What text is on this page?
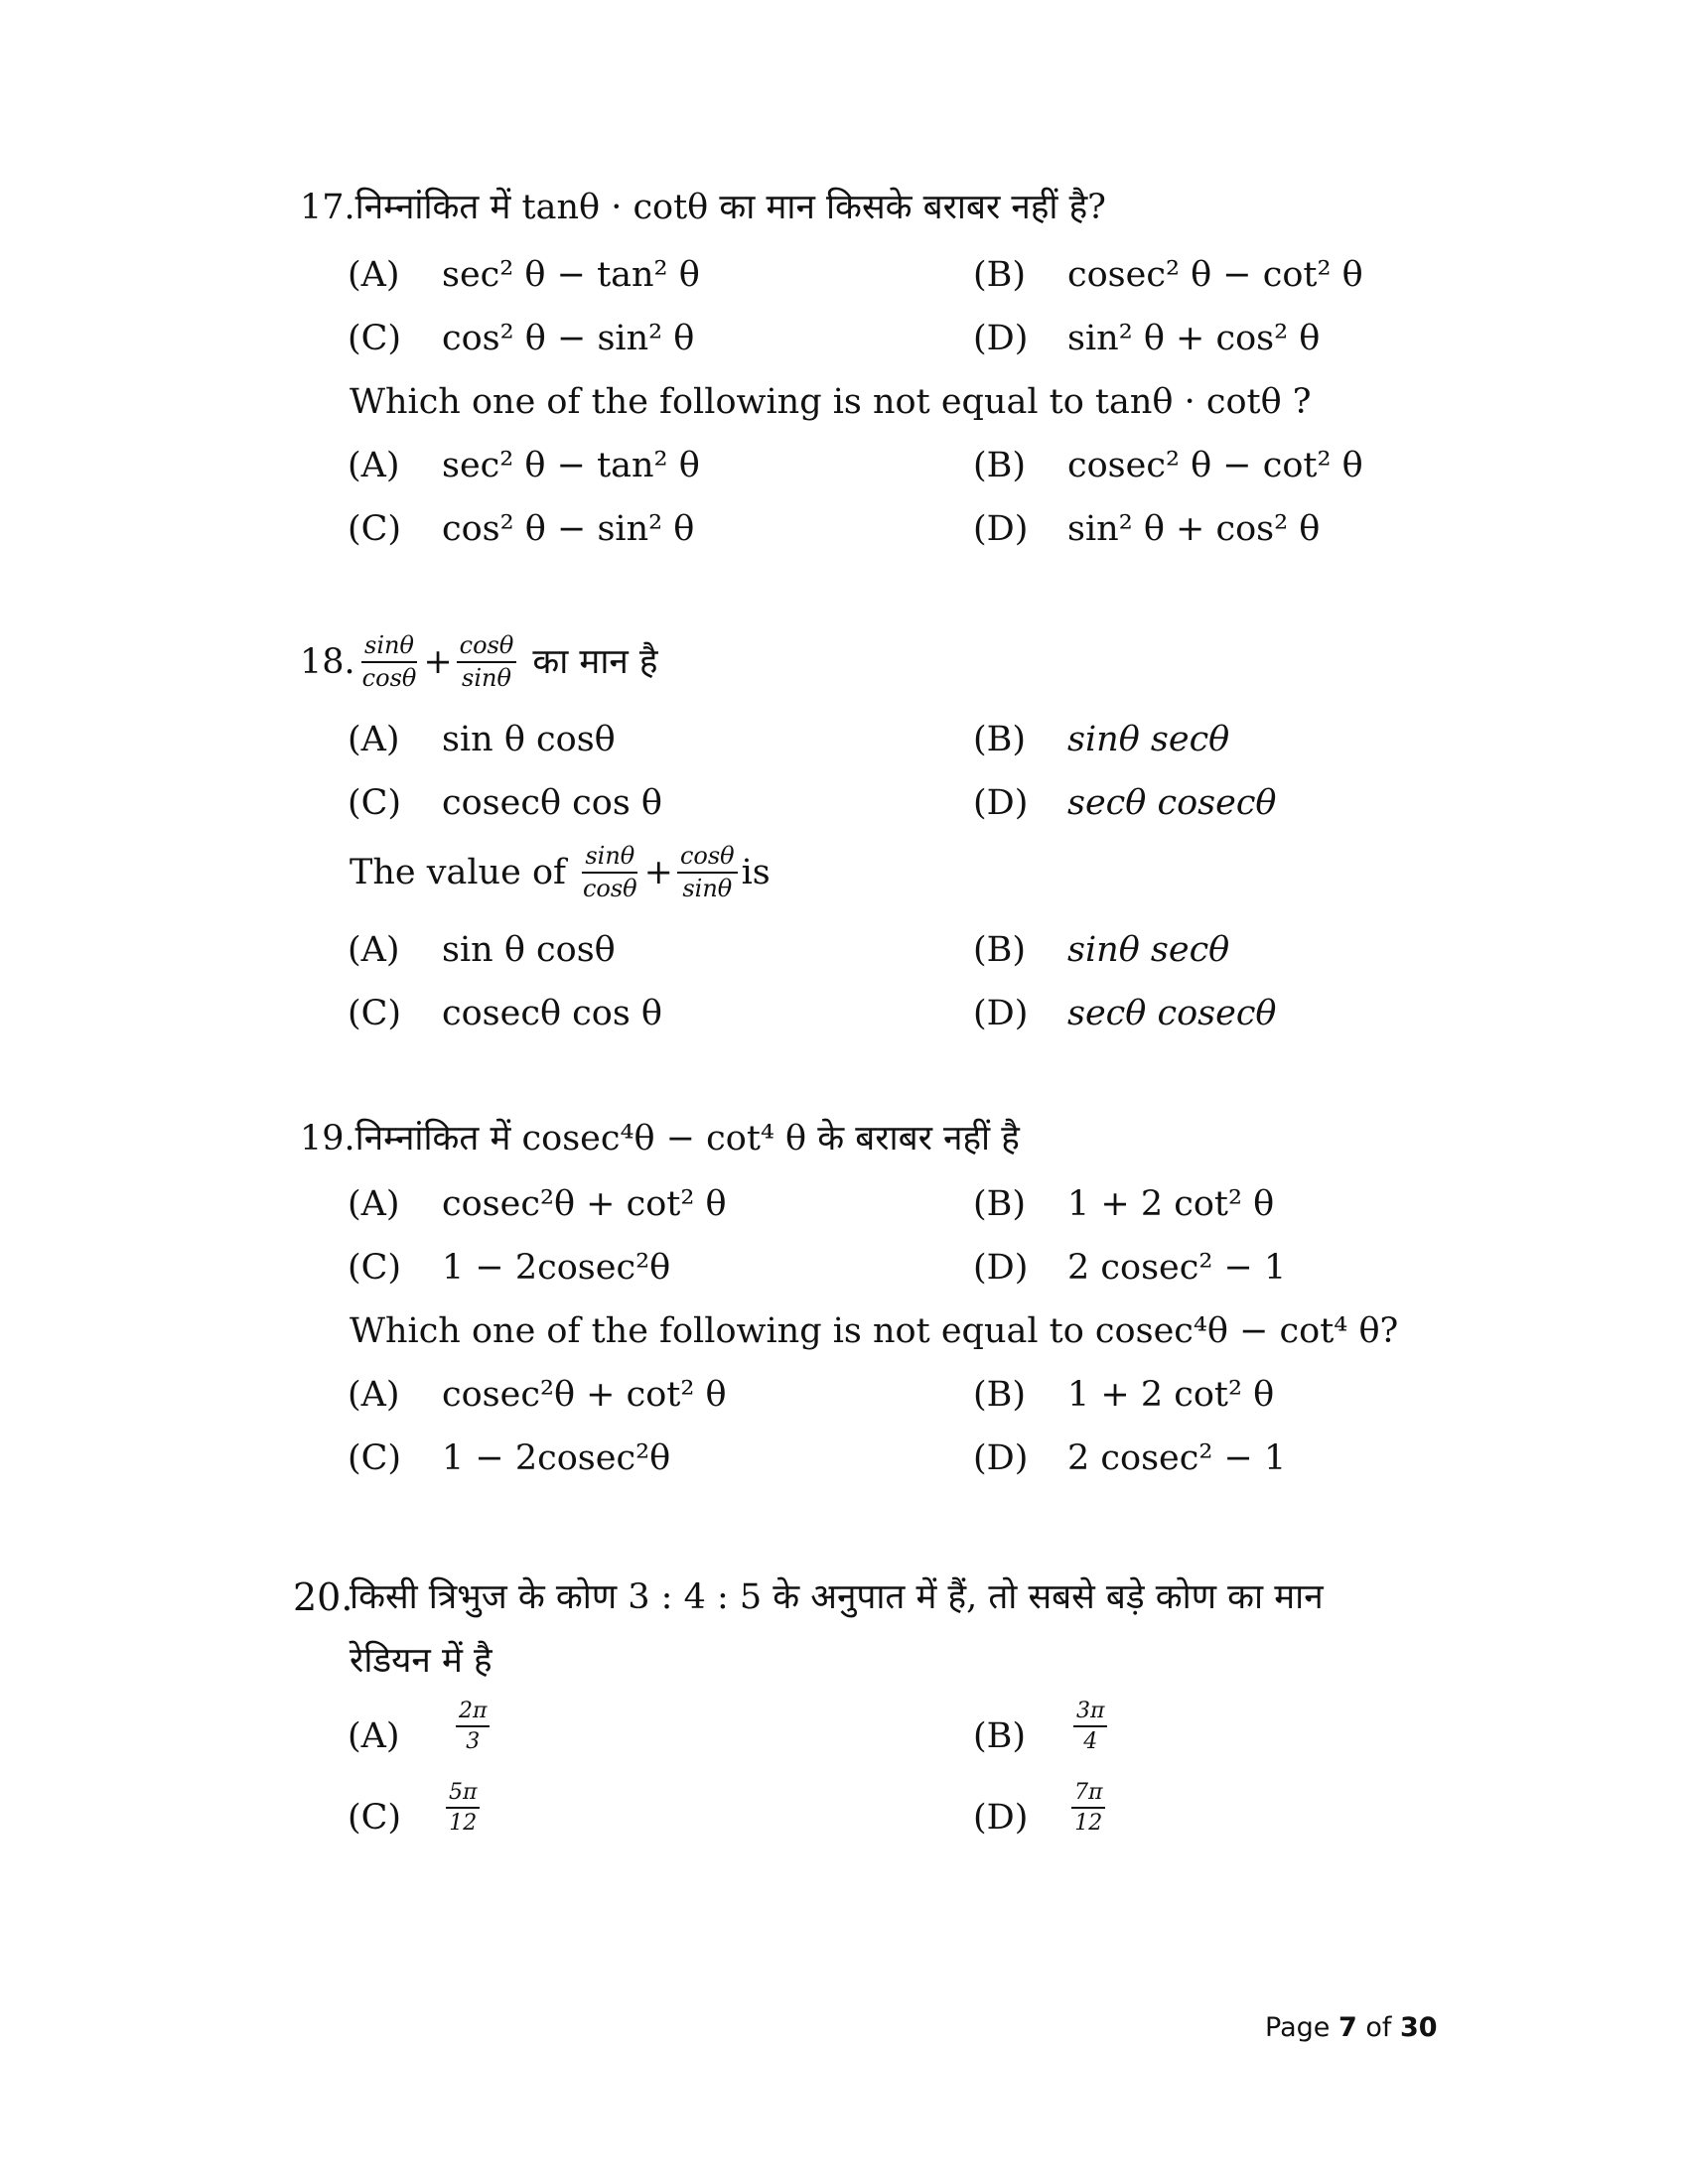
17.निम्नांकित में tanθ · cotθ का मान किसके बराबर नहीं है?
(A) sec² θ − tan² θ	(B) cosec² θ − cot² θ
(C) cos² θ − sin² θ	(D) sin² θ + cos² θ
Which one of the following is not equal to tanθ · cotθ ?
(A) sec² θ − tan² θ	(B) cosec² θ − cot² θ
(C) cos² θ − sin² θ	(D) sin² θ + cos² θ
18. $\frac{\sin\theta}{\cos\theta} + \frac{\cos\theta}{\sin\theta}$ का मान है
(A) sin θ cosθ	(B) sinθ secθ
(C) cosecθ cos θ	(D) secθ cosecθ
The value of $\frac{\sin\theta}{\cos\theta} + \frac{\cos\theta}{\sin\theta}$ is
(A) sin θ cosθ	(B) sinθ secθ
(C) cosecθ cos θ	(D) secθ cosecθ
19.निम्नांकित में cosec⁴θ − cot⁴ θ के बराबर नहीं है
(A) cosec²θ + cot² θ	(B) 1 + 2 cot² θ
(C) 1 − 2cosec²θ	(D) 2 cosec² − 1
Which one of the following is not equal to cosec⁴θ − cot⁴ θ?
(A) cosec²θ + cot² θ	(B) 1 + 2 cot² θ
(C) 1 − 2cosec²θ	(D) 2 cosec² − 1
20.
किसी त्रिभुज के कोण 3 : 4 : 5 के अनुपात में हैं, तो सबसे बड़े कोण का मान
रेडियन में है
(A)	$\frac{2\pi}{3}$	$(B) \frac{3\pi}{4}$
$(C) \frac{5\pi}{12}$	$(D) \frac{7\pi}{12}$
Page 7 of 30
